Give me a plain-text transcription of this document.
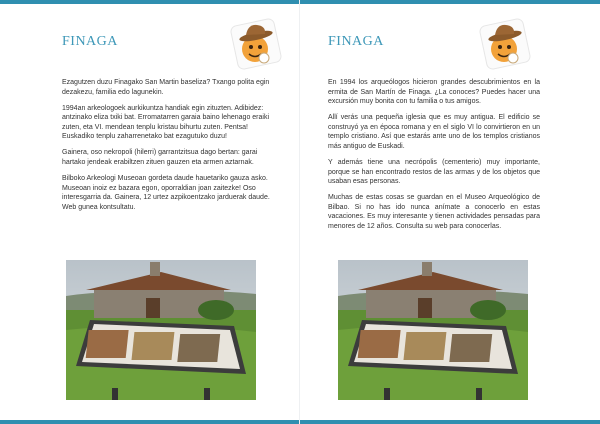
FINAGA

Ezagutzen duzu Finagako San Martin baseliza? Txango polita egin dezakezu, familia edo lagunekin.

1994an arkeologoek aurkikuntza handiak egin zituzten. Adibidez: antzinako eliza txiki bat. Erromatarren garaia baino lehenago eraiki zuten, eta VI. mendean tenplu kristau bihurtu zuten. Pentsa! Euskadiko tenplu zaharrenetako bat ezagutuko duzu!

Gainera, oso nekropoli (hilerri) garrantzitsua dago bertan: garai hartako jendeak erabiltzen zituen gauzen eta armen aztarnak.

Bilboko Arkeologi Museoan gordeta daude hauetariko gauza asko. Museoan inoiz ez bazara egon, oporraldian joan zaitezke! Oso interesgarria da. Gainera, 12 urtez azpikoentzako jarduerak daude. Web gunea kontsultatu.

FINAGA

En 1994 los arqueólogos hicieron grandes descubrimientos en la ermita de San Martín de Finaga. ¿La conoces? Puedes hacer una excursión muy bonita con tu familia o tus amigos.

Allí verás una pequeña iglesia que es muy antigua. El edificio se construyó ya en época romana y en el siglo VI lo convirtieron en un templo cristiano. Así que estarás ante uno de los templos cristianos más antiguo de Euskadi.

Y además tiene una necrópolis (cementerio) muy importante, porque se han encontrado restos de las armas y de los objetos que usaban esas personas.

Muchas de estas cosas se guardan en el Museo Arqueológico de Bilbao. Si no has ido nunca anímate a conocerlo en estas vacaciones. Es muy interesante y tienen actividades pensadas para menores de 12 años. Consulta su web para conocerlas.
